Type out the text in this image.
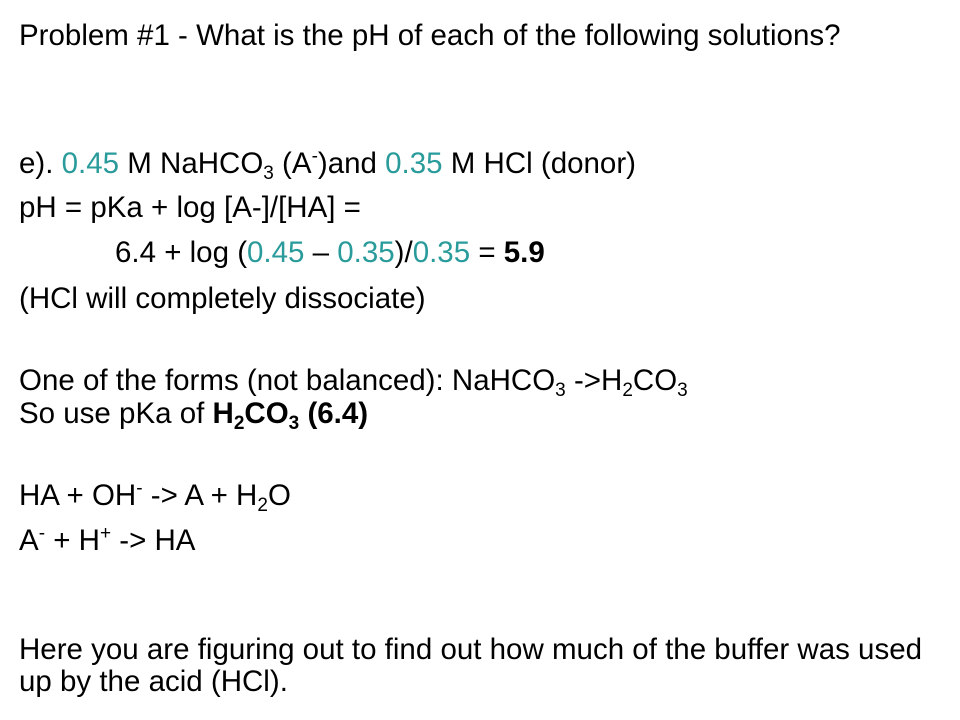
Problem #1 - What is the pH of each of the following solutions?

e). 0.45 M NaHCO$_3$ (A-)and 0.35 M HCl (donor)

pH = pKa + log [A-]/[HA] =

6.4 + log (0.45 – 0.35)/0.35 = 5.9

(HCl will completely dissociate)

One of the forms (not balanced): NaHCO$_3$ $->H_2CO_3$

So use pKa of $H_2CO_3$ (6.4)

HA + $OH^- -> A + H_2O$

A- + H+ -> HA

Here you are figuring out to find out how much of the buffer was used up by the acid (HCl).
